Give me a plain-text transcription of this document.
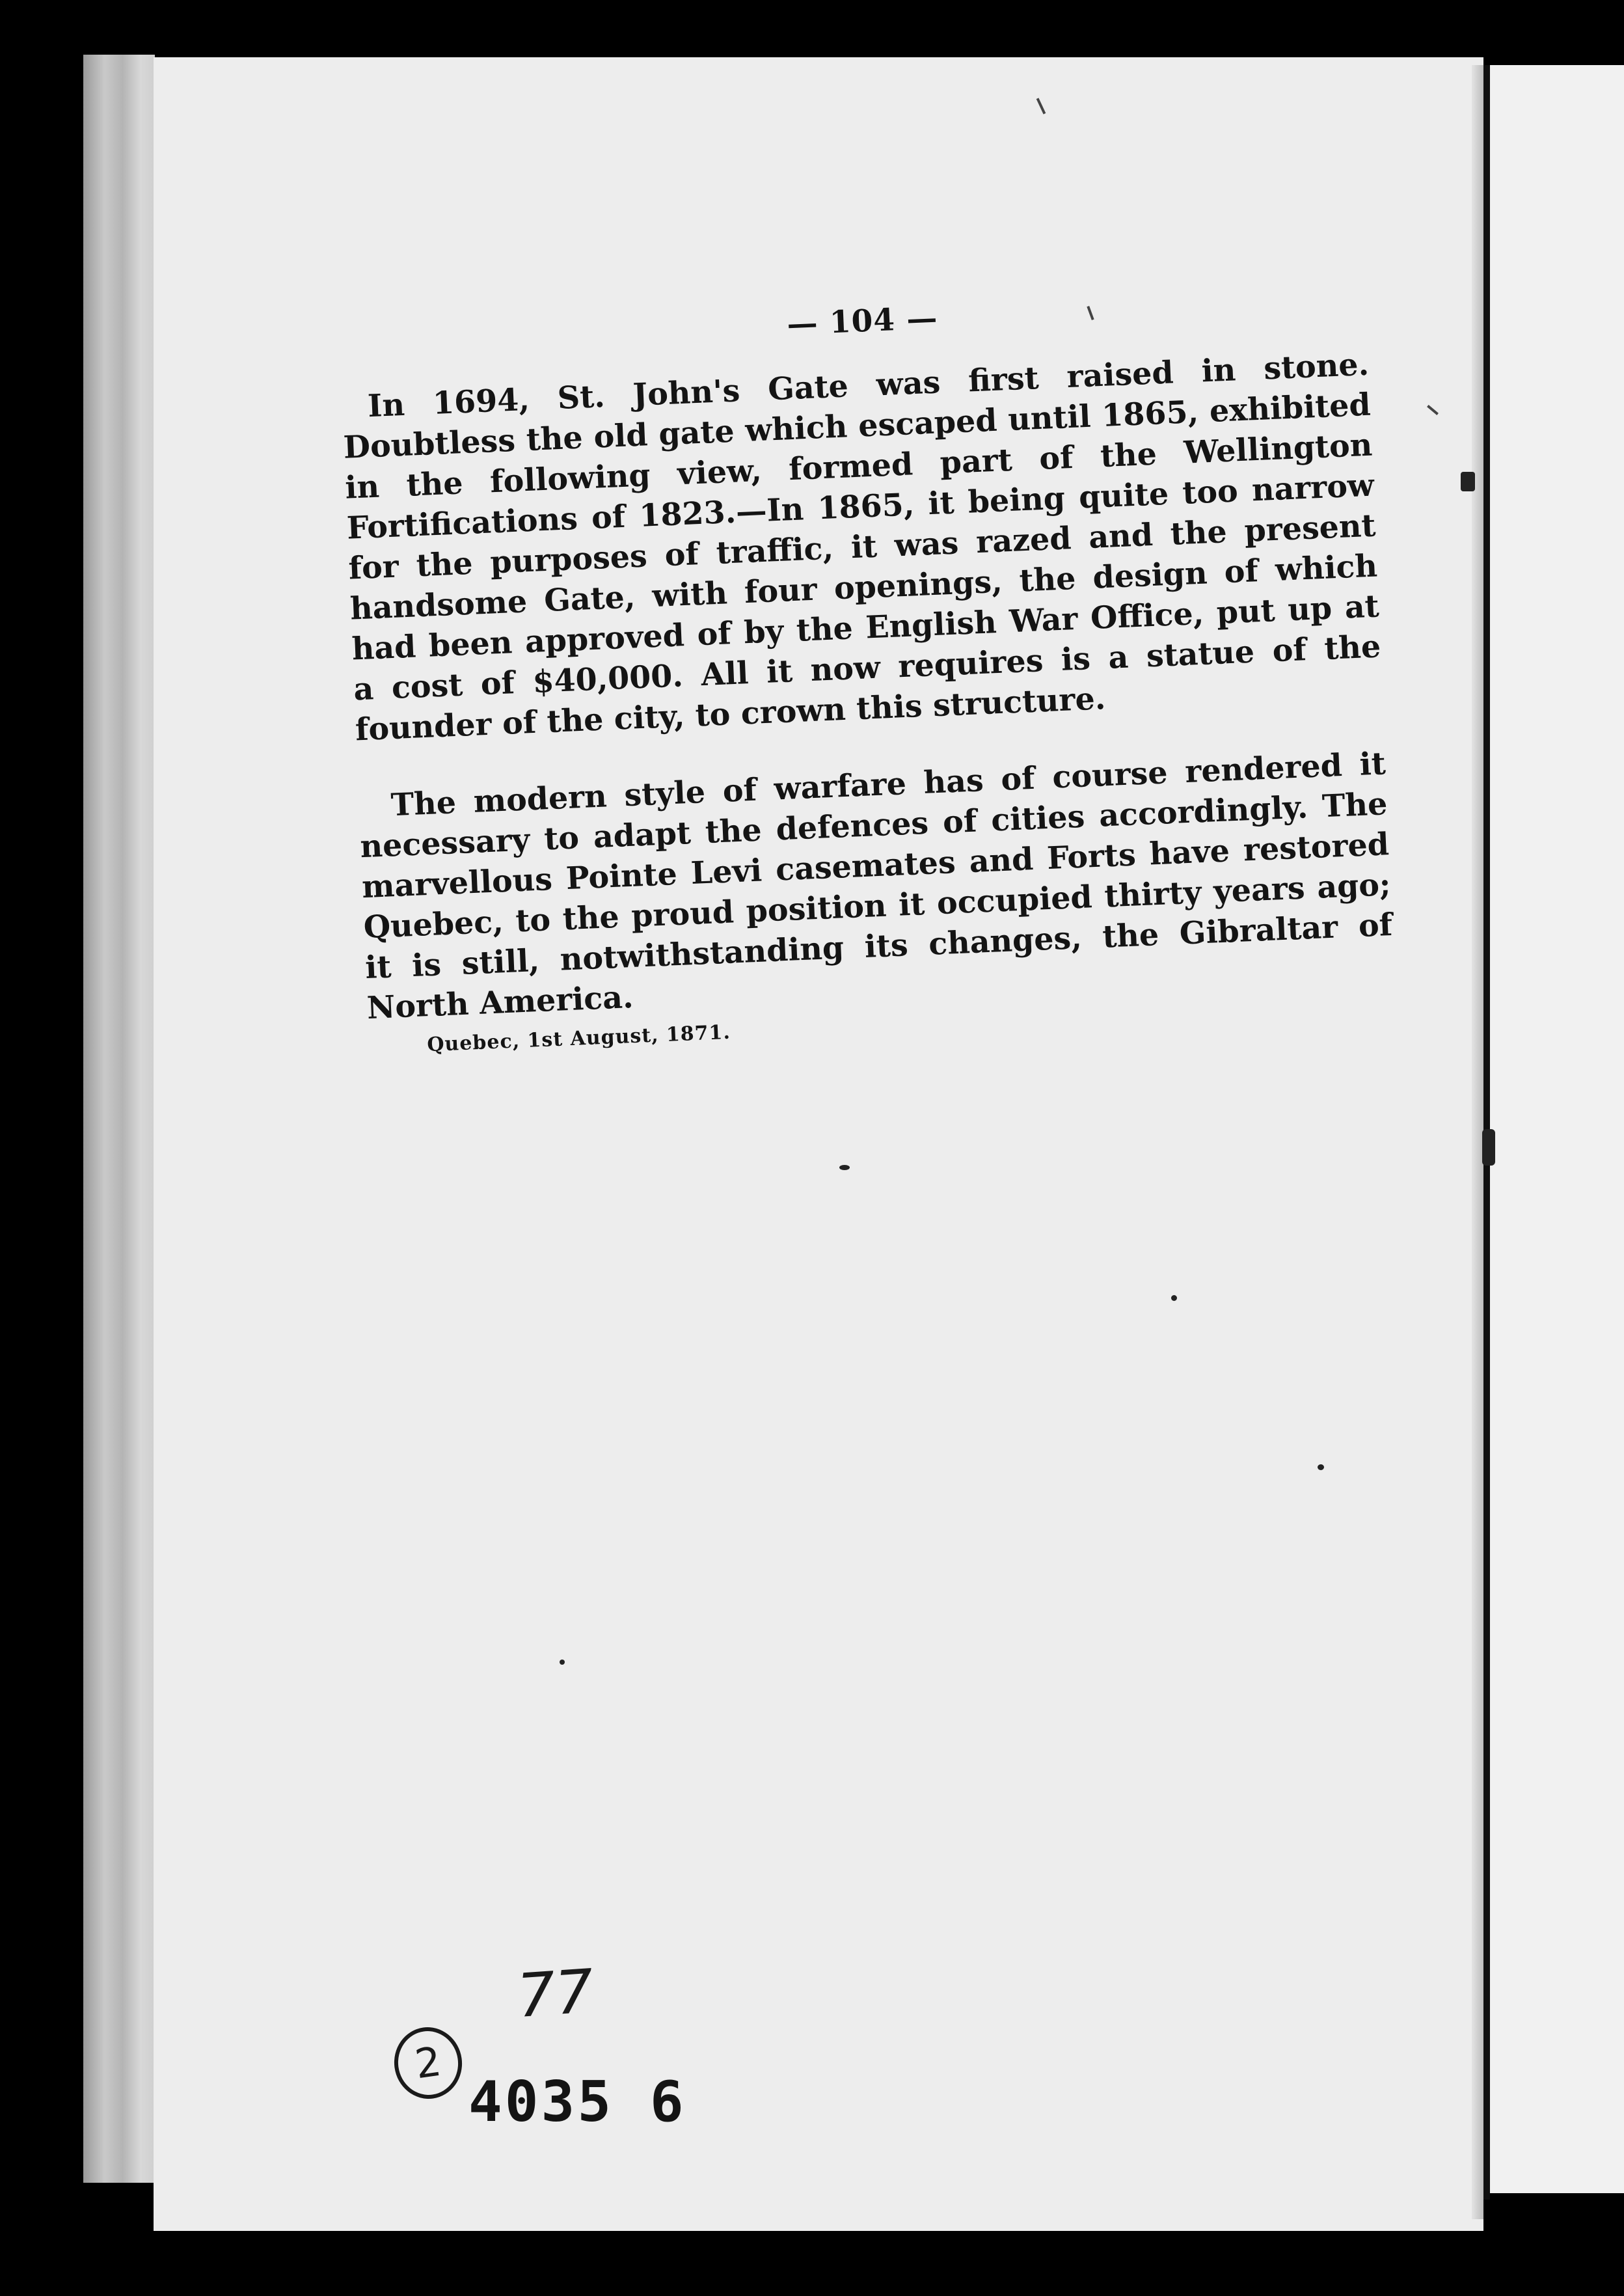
— 104 —

In 1694, St. John's Gate was first raised in stone. Doubtless the old gate which escaped until 1865, exhibited in the following view, formed part of the Wellington Fortifications of 1823.—In 1865, it being quite too narrow for the purposes of traffic, it was razed and the present handsome Gate, with four openings, the design of which had been approved of by the English War Office, put up at a cost of $40,000. All it now requires is a statue of the founder of the city, to crown this structure.

The modern style of warfare has of course rendered it necessary to adapt the defences of cities accordingly. The marvellous Pointe Levi casemates and Forts have restored Quebec, to the proud position it occupied thirty years ago; it is still, notwithstanding its changes, the Gibraltar of North America.

Quebec, 1st August, 1871.
77
2
4035 6
